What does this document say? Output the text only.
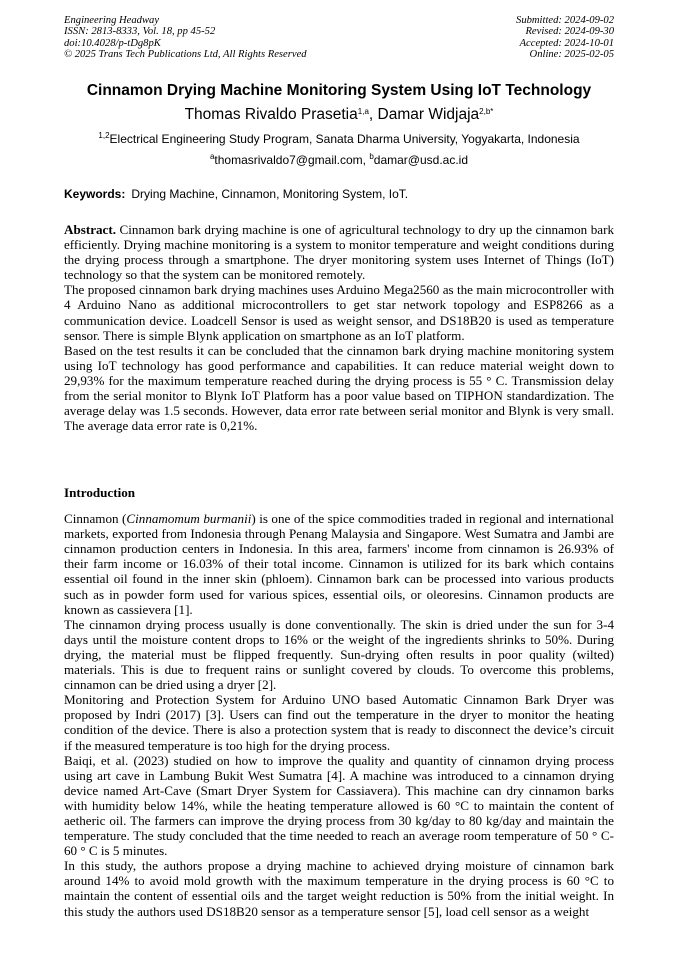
Engineering Headway
ISSN: 2813-8333, Vol. 18, pp 45-52
doi:10.4028/p-tDg8pK
© 2025 Trans Tech Publications Ltd, All Rights Reserved
Submitted: 2024-09-02
Revised: 2024-09-30
Accepted: 2024-10-01
Online: 2025-02-05
Cinnamon Drying Machine Monitoring System Using IoT Technology
Thomas Rivaldo Prasetia$^{1,a}$, Damar Widjaja$^{2,b*}$
$^{1,2}$Electrical Engineering Study Program, Sanata Dharma University, Yogyakarta, Indonesia
$^a$thomasrivaldo7@gmail.com, $^b$damar@usd.ac.id
Keywords: Drying Machine, Cinnamon, Monitoring System, IoT.

Abstract. Cinnamon bark drying machine is one of agricultural technology to dry up the cinnamon bark efficiently. Drying machine monitoring is a system to monitor temperature and weight conditions during the drying process through a smartphone. The dryer monitoring system uses Internet of Things (IoT) technology so that the system can be monitored remotely.

The proposed cinnamon bark drying machines uses Arduino Mega2560 as the main microcontroller with 4 Arduino Nano as additional microcontrollers to get star network topology and ESP8266 as a communication device. Loadcell Sensor is used as weight sensor, and DS18B20 is used as temperature sensor. There is simple Blynk application on smartphone as an IoT platform.

Based on the test results it can be concluded that the cinnamon bark drying machine monitoring system using IoT technology has good performance and capabilities. It can reduce material weight down to 29,93% for the maximum temperature reached during the drying process is 55 ° C. Transmission delay from the serial monitor to Blynk IoT Platform has a poor value based on TIPHON standardization. The average delay was 1.5 seconds. However, data error rate between serial monitor and Blynk is very small. The average data error rate is 0,21%.

Introduction

Cinnamon (Cinnamomum burmanii) is one of the spice commodities traded in regional and international markets, exported from Indonesia through Penang Malaysia and Singapore. West Sumatra and Jambi are cinnamon production centers in Indonesia. In this area, farmers' income from cinnamon is 26.93% of their farm income or 16.03% of their total income. Cinnamon is utilized for its bark which contains essential oil found in the inner skin (phloem). Cinnamon bark can be processed into various products such as in powder form used for various spices, essential oils, or oleoresins. Cinnamon products are known as cassievera [1].

The cinnamon drying process usually is done conventionally. The skin is dried under the sun for 3-4 days until the moisture content drops to 16% or the weight of the ingredients shrinks to 50%. During drying, the material must be flipped frequently. Sun-drying often results in poor quality (wilted) materials. This is due to frequent rains or sunlight covered by clouds. To overcome this problems, cinnamon can be dried using a dryer [2].

Monitoring and Protection System for Arduino UNO based Automatic Cinnamon Bark Dryer was proposed by Indri (2017) [3]. Users can find out the temperature in the dryer to monitor the heating condition of the device. There is also a protection system that is ready to disconnect the device’s circuit if the measured temperature is too high for the drying process.

Baiqi, et al. (2023) studied on how to improve the quality and quantity of cinnamon drying process using art cave in Lambung Bukit West Sumatra [4]. A machine was introduced to a cinnamon drying device named Art-Cave (Smart Dryer System for Cassiavera). This machine can dry cinnamon barks with humidity below 14%, while the heating temperature allowed is 60 °C to maintain the content of aetheric oil. The farmers can improve the drying process from 30 kg/day to 80 kg/day and maintain the temperature. The study concluded that the time needed to reach an average room temperature of 50 ° C-60 ° C is 5 minutes.

In this study, the authors propose a drying machine to achieved drying moisture of cinnamon bark around 14% to avoid mold growth with the maximum temperature in the drying process is 60 °C to maintain the content of essential oils and the target weight reduction is 50% from the initial weight. In this study the authors used DS18B20 sensor as a temperature sensor [5], load cell sensor as a weight
